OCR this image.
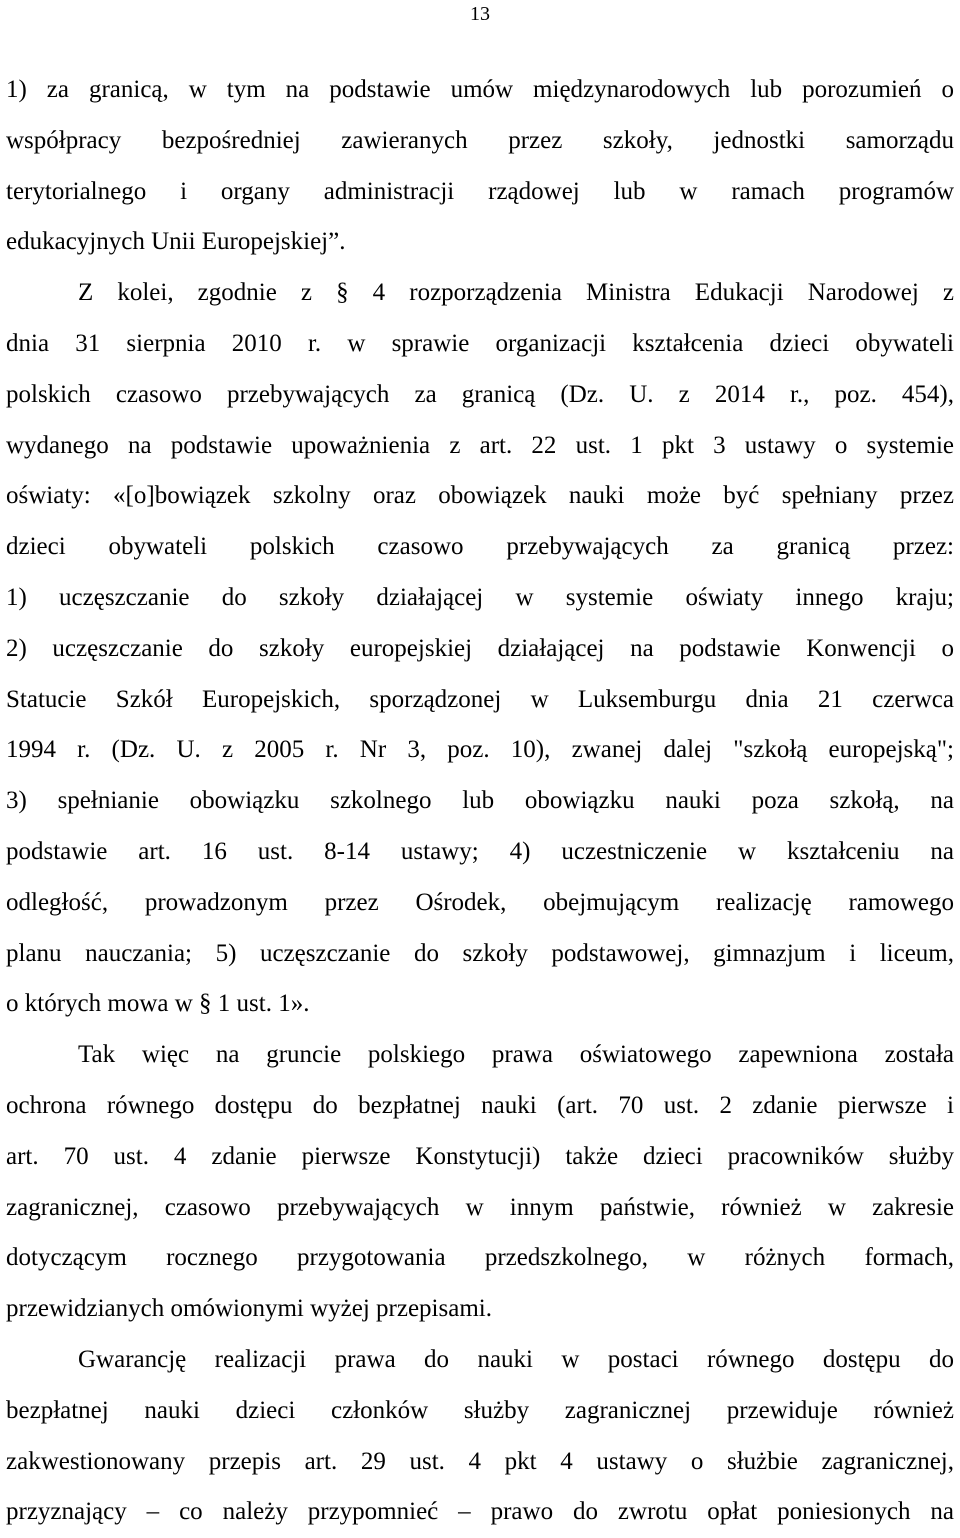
13
1) za granicą, w tym na podstawie umów międzynarodowych lub porozumień o
współpracy bezpośredniej zawieranych przez szkoły, jednostki samorządu
terytorialnego i organy administracji rządowej lub w ramach programów
edukacyjnych Unii Europejskiej”.
Z kolei, zgodnie z § 4 rozporządzenia Ministra Edukacji Narodowej z
dnia 31 sierpnia 2010 r. w sprawie organizacji kształcenia dzieci obywateli
polskich czasowo przebywających za granicą (Dz. U. z 2014 r., poz. 454),
wydanego na podstawie upoważnienia z art. 22 ust. 1 pkt 3 ustawy o systemie
oświaty: «[o]bowiązek szkolny oraz obowiązek nauki może być spełniany przez
dzieci obywateli polskich czasowo przebywających za granicą przez:
1) uczęszczanie do szkoły działającej w systemie oświaty innego kraju;
2) uczęszczanie do szkoły europejskiej działającej na podstawie Konwencji o
Statucie Szkół Europejskich, sporządzonej w Luksemburgu dnia 21 czerwca
1994 r. (Dz. U. z 2005 r. Nr 3, poz. 10), zwanej dalej "szkołą europejską";
3) spełnianie obowiązku szkolnego lub obowiązku nauki poza szkołą, na
podstawie art. 16 ust. 8-14 ustawy; 4) uczestniczenie w kształceniu na
odległość, prowadzonym przez Ośrodek, obejmującym realizację ramowego
planu nauczania; 5) uczęszczanie do szkoły podstawowej, gimnazjum i liceum,
o których mowa w § 1 ust. 1».
Tak więc na gruncie polskiego prawa oświatowego zapewniona została
ochrona równego dostępu do bezpłatnej nauki (art. 70 ust. 2 zdanie pierwsze i
art. 70 ust. 4 zdanie pierwsze Konstytucji) także dzieci pracowników służby
zagranicznej, czasowo przebywających w innym państwie, również w zakresie
dotyczącym rocznego przygotowania przedszkolnego, w różnych formach,
przewidzianych omówionymi wyżej przepisami.
Gwarancję realizacji prawa do nauki w postaci równego dostępu do
bezpłatnej nauki dzieci członków służby zagranicznej przewiduje również
zakwestionowany przepis art. 29 ust. 4 pkt 4 ustawy o służbie zagranicznej,
przyznający – co należy przypomnieć – prawo do zwrotu opłat poniesionych na
